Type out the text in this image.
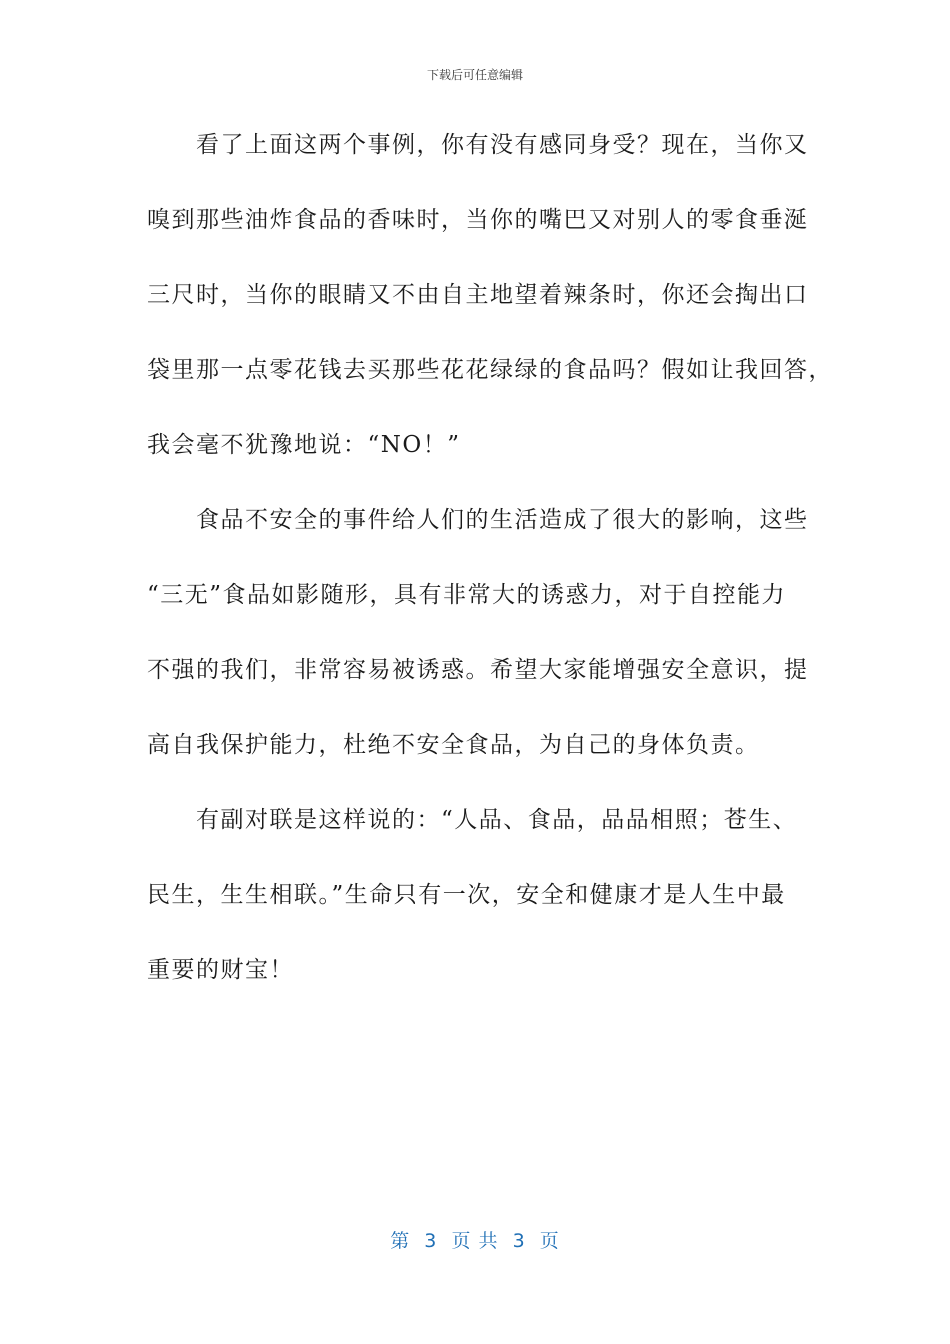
下载后可任意编辑
　　看了上面这两个事例，你有没有感同身受？现在，当你又
嗅到那些油炸食品的香味时，当你的嘴巴又对别人的零食垂涎
三尺时，当你的眼睛又不由自主地望着辣条时，你还会掏出口
袋里那一点零花钱去买那些花花绿绿的食品吗？假如让我回答，
我会毫不犹豫地说：“NO！”
　　食品不安全的事件给人们的生活造成了很大的影响，这些
“三无”食品如影随形，具有非常大的诱惑力，对于自控能力
不强的我们，非常容易被诱惑。希望大家能增强安全意识，提
高自我保护能力，杜绝不安全食品，为自己的身体负责。
　　有副对联是这样说的：“人品、食品，品品相照；苍生、
民生，生生相联。”生命只有一次，安全和健康才是人生中最
重要的财宝！
第  3  页 共  3  页
